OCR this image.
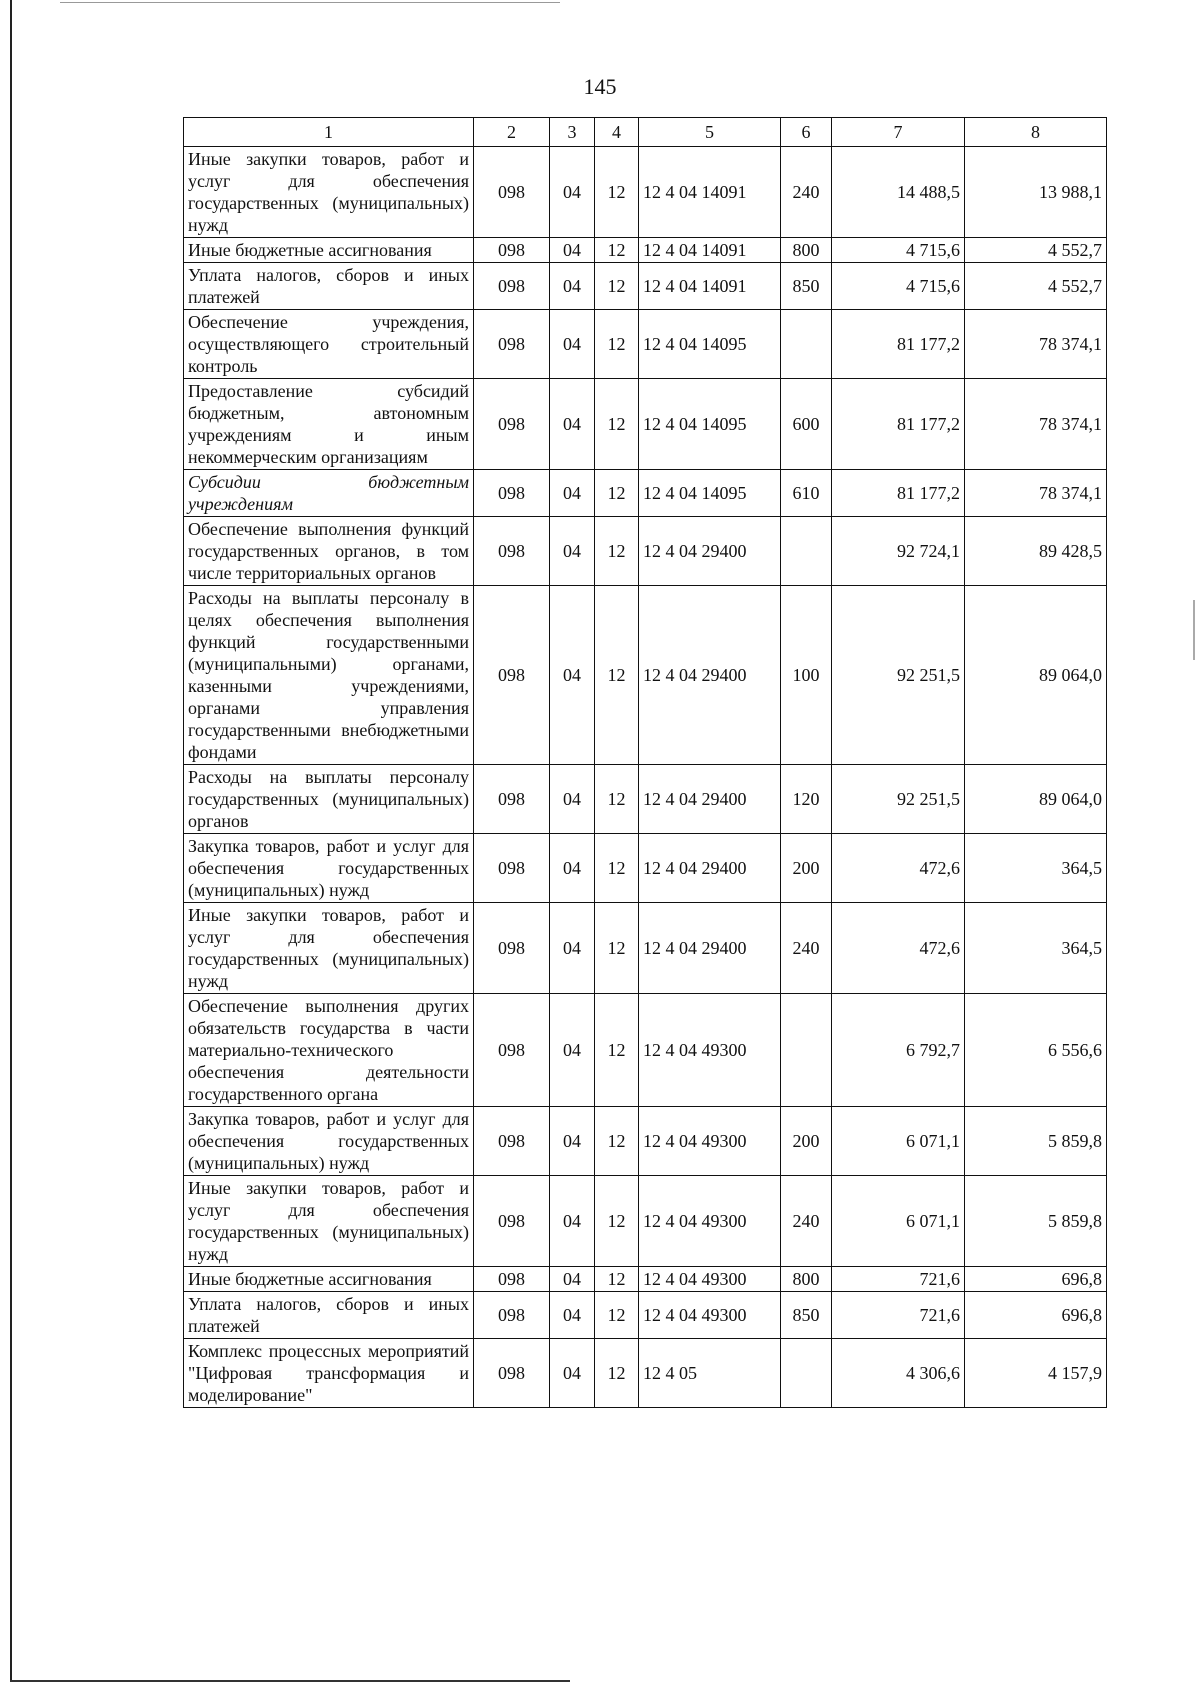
145
1	2	3	4	5	6	7	8
Иные закупки товаров, работ и услуг для обеспечения государственных (муниципальных) нужд	098	04	12	12 4 04 14091	240	14 488,5	13 988,1
Иные бюджетные ассигнования	098	04	12	12 4 04 14091	800	4 715,6	4 552,7
Уплата налогов, сборов и иных платежей	098	04	12	12 4 04 14091	850	4 715,6	4 552,7
Обеспечение учреждения, осуществляющего строительный контроль	098	04	12	12 4 04 14095		81 177,2	78 374,1
Предоставление субсидий бюджетным, автономным учреждениям и иным некоммерческим организациям	098	04	12	12 4 04 14095	600	81 177,2	78 374,1
Субсидии бюджетным учреждениям	098	04	12	12 4 04 14095	610	81 177,2	78 374,1
Обеспечение выполнения функций государственных органов, в том числе территориальных органов	098	04	12	12 4 04 29400		92 724,1	89 428,5
Расходы на выплаты персоналу в целях обеспечения выполнения функций государственными (муниципальными) органами, казенными учреждениями, органами управления государственными внебюджетными фондами	098	04	12	12 4 04 29400	100	92 251,5	89 064,0
Расходы на выплаты персоналу государственных (муниципальных) органов	098	04	12	12 4 04 29400	120	92 251,5	89 064,0
Закупка товаров, работ и услуг для обеспечения государственных (муниципальных) нужд	098	04	12	12 4 04 29400	200	472,6	364,5
Иные закупки товаров, работ и услуг для обеспечения государственных (муниципальных) нужд	098	04	12	12 4 04 29400	240	472,6	364,5
Обеспечение выполнения других обязательств государства в части материально-технического обеспечения деятельности государственного органа	098	04	12	12 4 04 49300		6 792,7	6 556,6
Закупка товаров, работ и услуг для обеспечения государственных (муниципальных) нужд	098	04	12	12 4 04 49300	200	6 071,1	5 859,8
Иные закупки товаров, работ и услуг для обеспечения государственных (муниципальных) нужд	098	04	12	12 4 04 49300	240	6 071,1	5 859,8
Иные бюджетные ассигнования	098	04	12	12 4 04 49300	800	721,6	696,8
Уплата налогов, сборов и иных платежей	098	04	12	12 4 04 49300	850	721,6	696,8
Комплекс процессных мероприятий "Цифровая трансформация и моделирование"	098	04	12	12 4 05		4 306,6	4 157,9
